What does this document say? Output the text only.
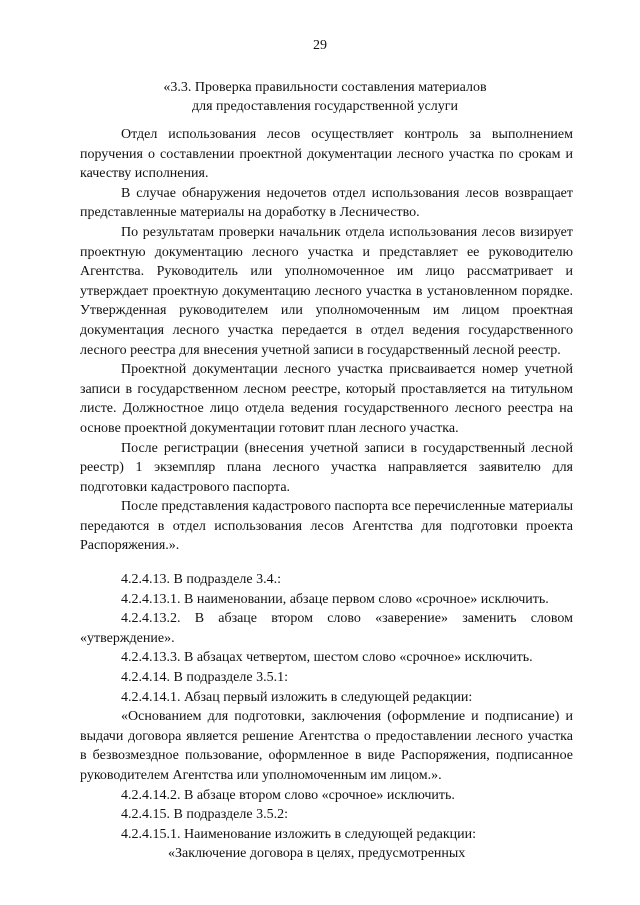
29
«3.3. Проверка правильности составления материалов
для предоставления государственной услуги

Отдел использования лесов осуществляет контроль за выполнением поручения о составлении проектной документации лесного участка по срокам и качеству исполнения.

В случае обнаружения недочетов отдел использования лесов возвращает представленные материалы на доработку в Лесничество.

По результатам проверки начальник отдела использования лесов визирует проектную документацию лесного участка и представляет ее руководителю Агентства. Руководитель или уполномоченное им лицо рассматривает и утверждает проектную документацию лесного участка в установленном порядке. Утвержденная руководителем или уполномоченным им лицом проектная документация лесного участка передается в отдел ведения государственного лесного реестра для внесения учетной записи в государственный лесной реестр.

Проектной документации лесного участка присваивается номер учетной записи в государственном лесном реестре, который проставляется на титульном листе. Должностное лицо отдела ведения государственного лесного реестра на основе проектной документации готовит план лесного участка.

После регистрации (внесения учетной записи в государственный лесной реестр) 1 экземпляр плана лесного участка направляется заявителю для подготовки кадастрового паспорта.

После представления кадастрового паспорта все перечисленные материалы передаются в отдел использования лесов Агентства для подготовки проекта Распоряжения.».

4.2.4.13. В подразделе 3.4.:

4.2.4.13.1. В наименовании, абзаце первом слово «срочное» исключить.

4.2.4.13.2. В абзаце втором слово «заверение» заменить словом «утверждение».

4.2.4.13.3. В абзацах четвертом, шестом слово «срочное» исключить.

4.2.4.14. В подразделе 3.5.1:

4.2.4.14.1. Абзац первый изложить в следующей редакции:

«Основанием для подготовки, заключения (оформление и подписание) и выдачи договора является решение Агентства о предоставлении лесного участка в безвозмездное пользование, оформленное в виде Распоряжения, подписанное руководителем Агентства или уполномоченным им лицом.».

4.2.4.14.2. В абзаце втором слово «срочное» исключить.

4.2.4.15. В подразделе 3.5.2:

4.2.4.15.1. Наименование изложить в следующей редакции:

«Заключение договора в целях, предусмотренных
